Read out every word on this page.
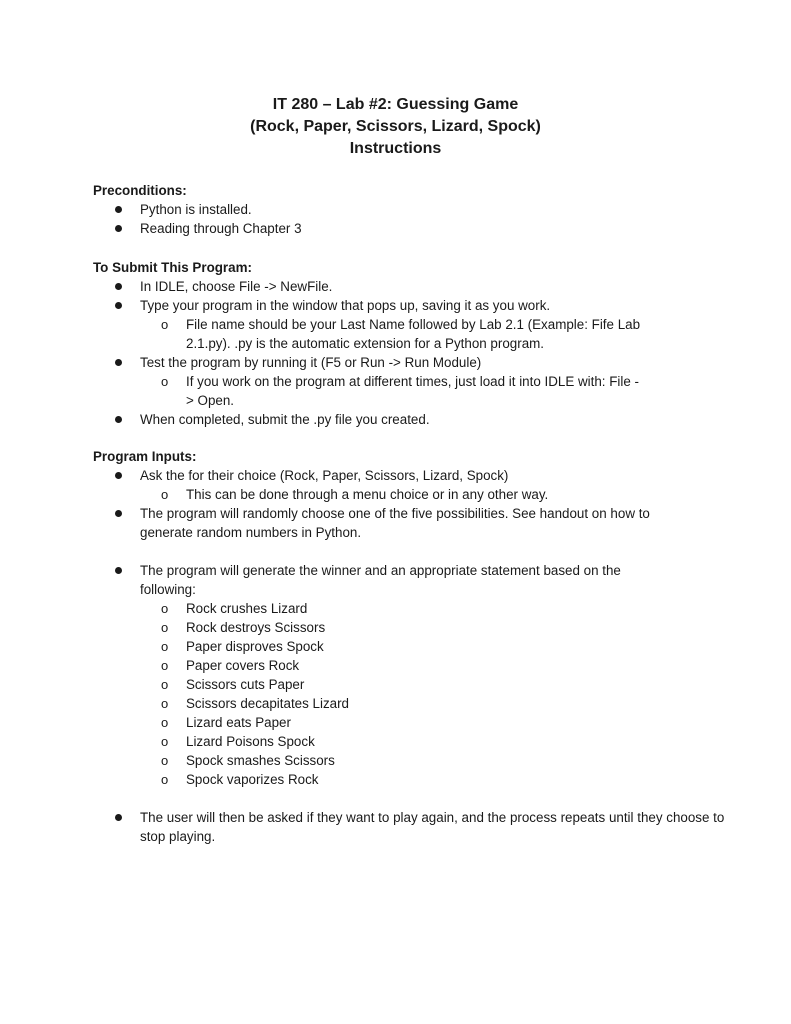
IT 280 – Lab #2: Guessing Game
(Rock, Paper, Scissors, Lizard, Spock)
Instructions
Preconditions:
Python is installed.
Reading through Chapter 3
To Submit This Program:
In IDLE, choose File -> NewFile.
Type your program in the window that pops up, saving it as you work.
o File name should be your Last Name followed by Lab 2.1 (Example: Fife Lab 2.1.py). .py is the automatic extension for a Python program.
Test the program by running it (F5 or Run -> Run Module)
o If you work on the program at different times, just load it into IDLE with: File -> Open.
When completed, submit the .py file you created.
Program Inputs:
Ask the for their choice (Rock, Paper, Scissors, Lizard, Spock)
o This can be done through a menu choice or in any other way.
The program will randomly choose one of the five possibilities. See handout on how to generate random numbers in Python.
The program will generate the winner and an appropriate statement based on the following:
o Rock crushes Lizard
o Rock destroys Scissors
o Paper disproves Spock
o Paper covers Rock
o Scissors cuts Paper
o Scissors decapitates Lizard
o Lizard eats Paper
o Lizard Poisons Spock
o Spock smashes Scissors
o Spock vaporizes Rock
The user will then be asked if they want to play again, and the process repeats until they choose to stop playing.
